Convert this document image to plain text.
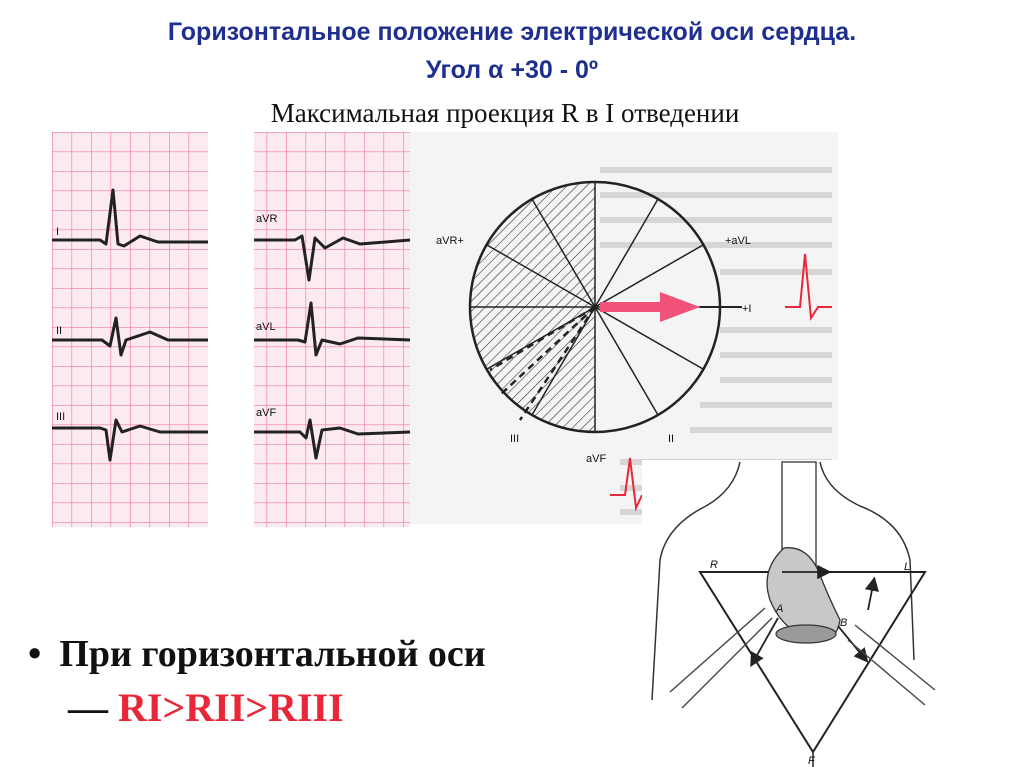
Горизонтальное положение электрической оси сердца.
Угол α +30 - 0º
Максимальная проекция R в I отведении
I
II
III
aVR
aVL
aVF
aVR+	+aVL
+I
aVF
III	II
R	L
F
A
B
• При горизонтальной оси
— RI>RII>RIII
